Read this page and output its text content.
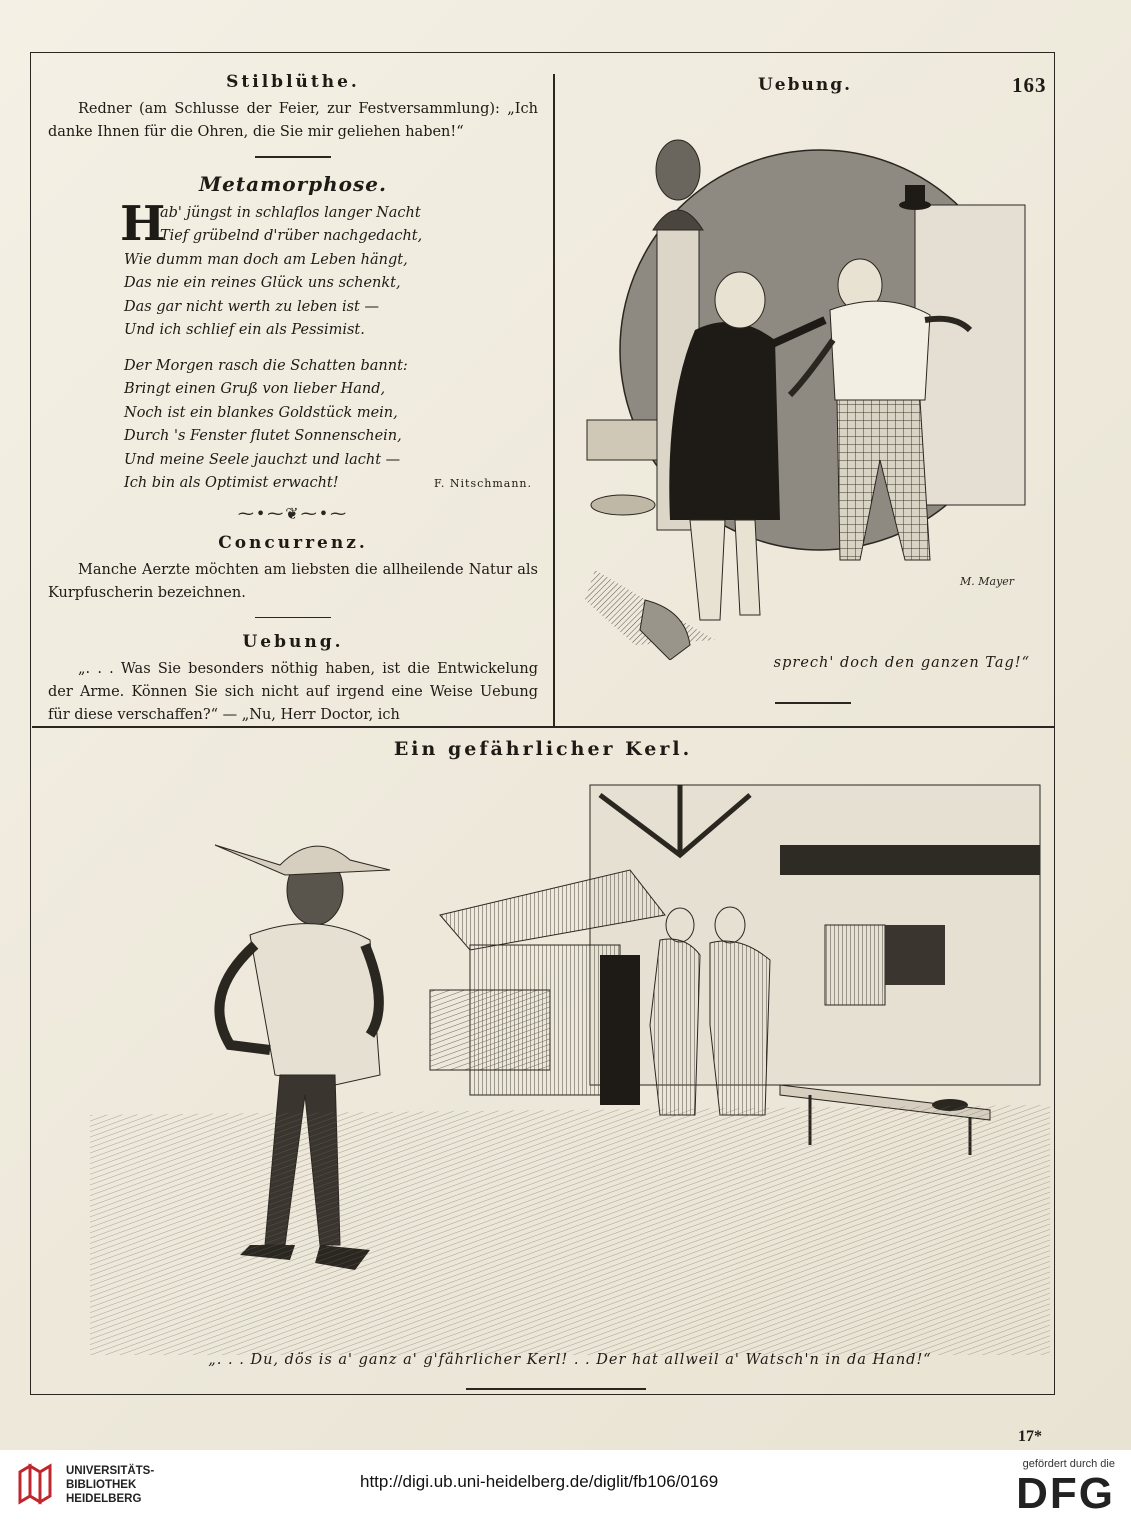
163
Stilblüthe.

Redner (am Schlusse der Feier, zur Festversammlung): „Ich danke Ihnen für die Ohren, die Sie mir geliehen haben!“

Metamorphose.
H
ab' jüngst in schlaflos langer Nacht
Tief grübelnd d'rüber nachgedacht,
Wie dumm man doch am Leben hängt,
Das nie ein reines Glück uns schenkt,
Das gar nicht werth zu leben ist —
Und ich schlief ein als Pessimist.
Der Morgen rasch die Schatten bannt:
Bringt einen Gruß von lieber Hand,
Noch ist ein blankes Goldstück mein,
Durch 's Fenster flutet Sonnenschein,
Und meine Seele jauchzt und lacht —
Ich bin als Optimist erwacht!	F. Nitschmann.
⁓•⁓❦⁓•⁓
Concurrenz.

Manche Aerzte möchten am liebsten die allheilende Natur als Kurpfuscherin bezeichnen.

Uebung.

„. . . Was Sie besonders nöthig haben, ist die Entwickelung der Arme. Können Sie sich nicht auf irgend eine Weise Uebung für diese verschaffen?“ — „Nu, Herr Doctor, ich

Uebung.
M. Mayer
sprech' doch den ganzen Tag!“
Ein gefährlicher Kerl.
„. . . Du, dös is a' ganz a' g'fährlicher Kerl! . . Der hat allweil a' Watsch'n in da Hand!“
17*
UNIVERSITÄTS-
BIBLIOTHEK
HEIDELBERG
http://digi.ub.uni-heidelberg.de/diglit/fb106/0169
gefördert durch die
DFG
